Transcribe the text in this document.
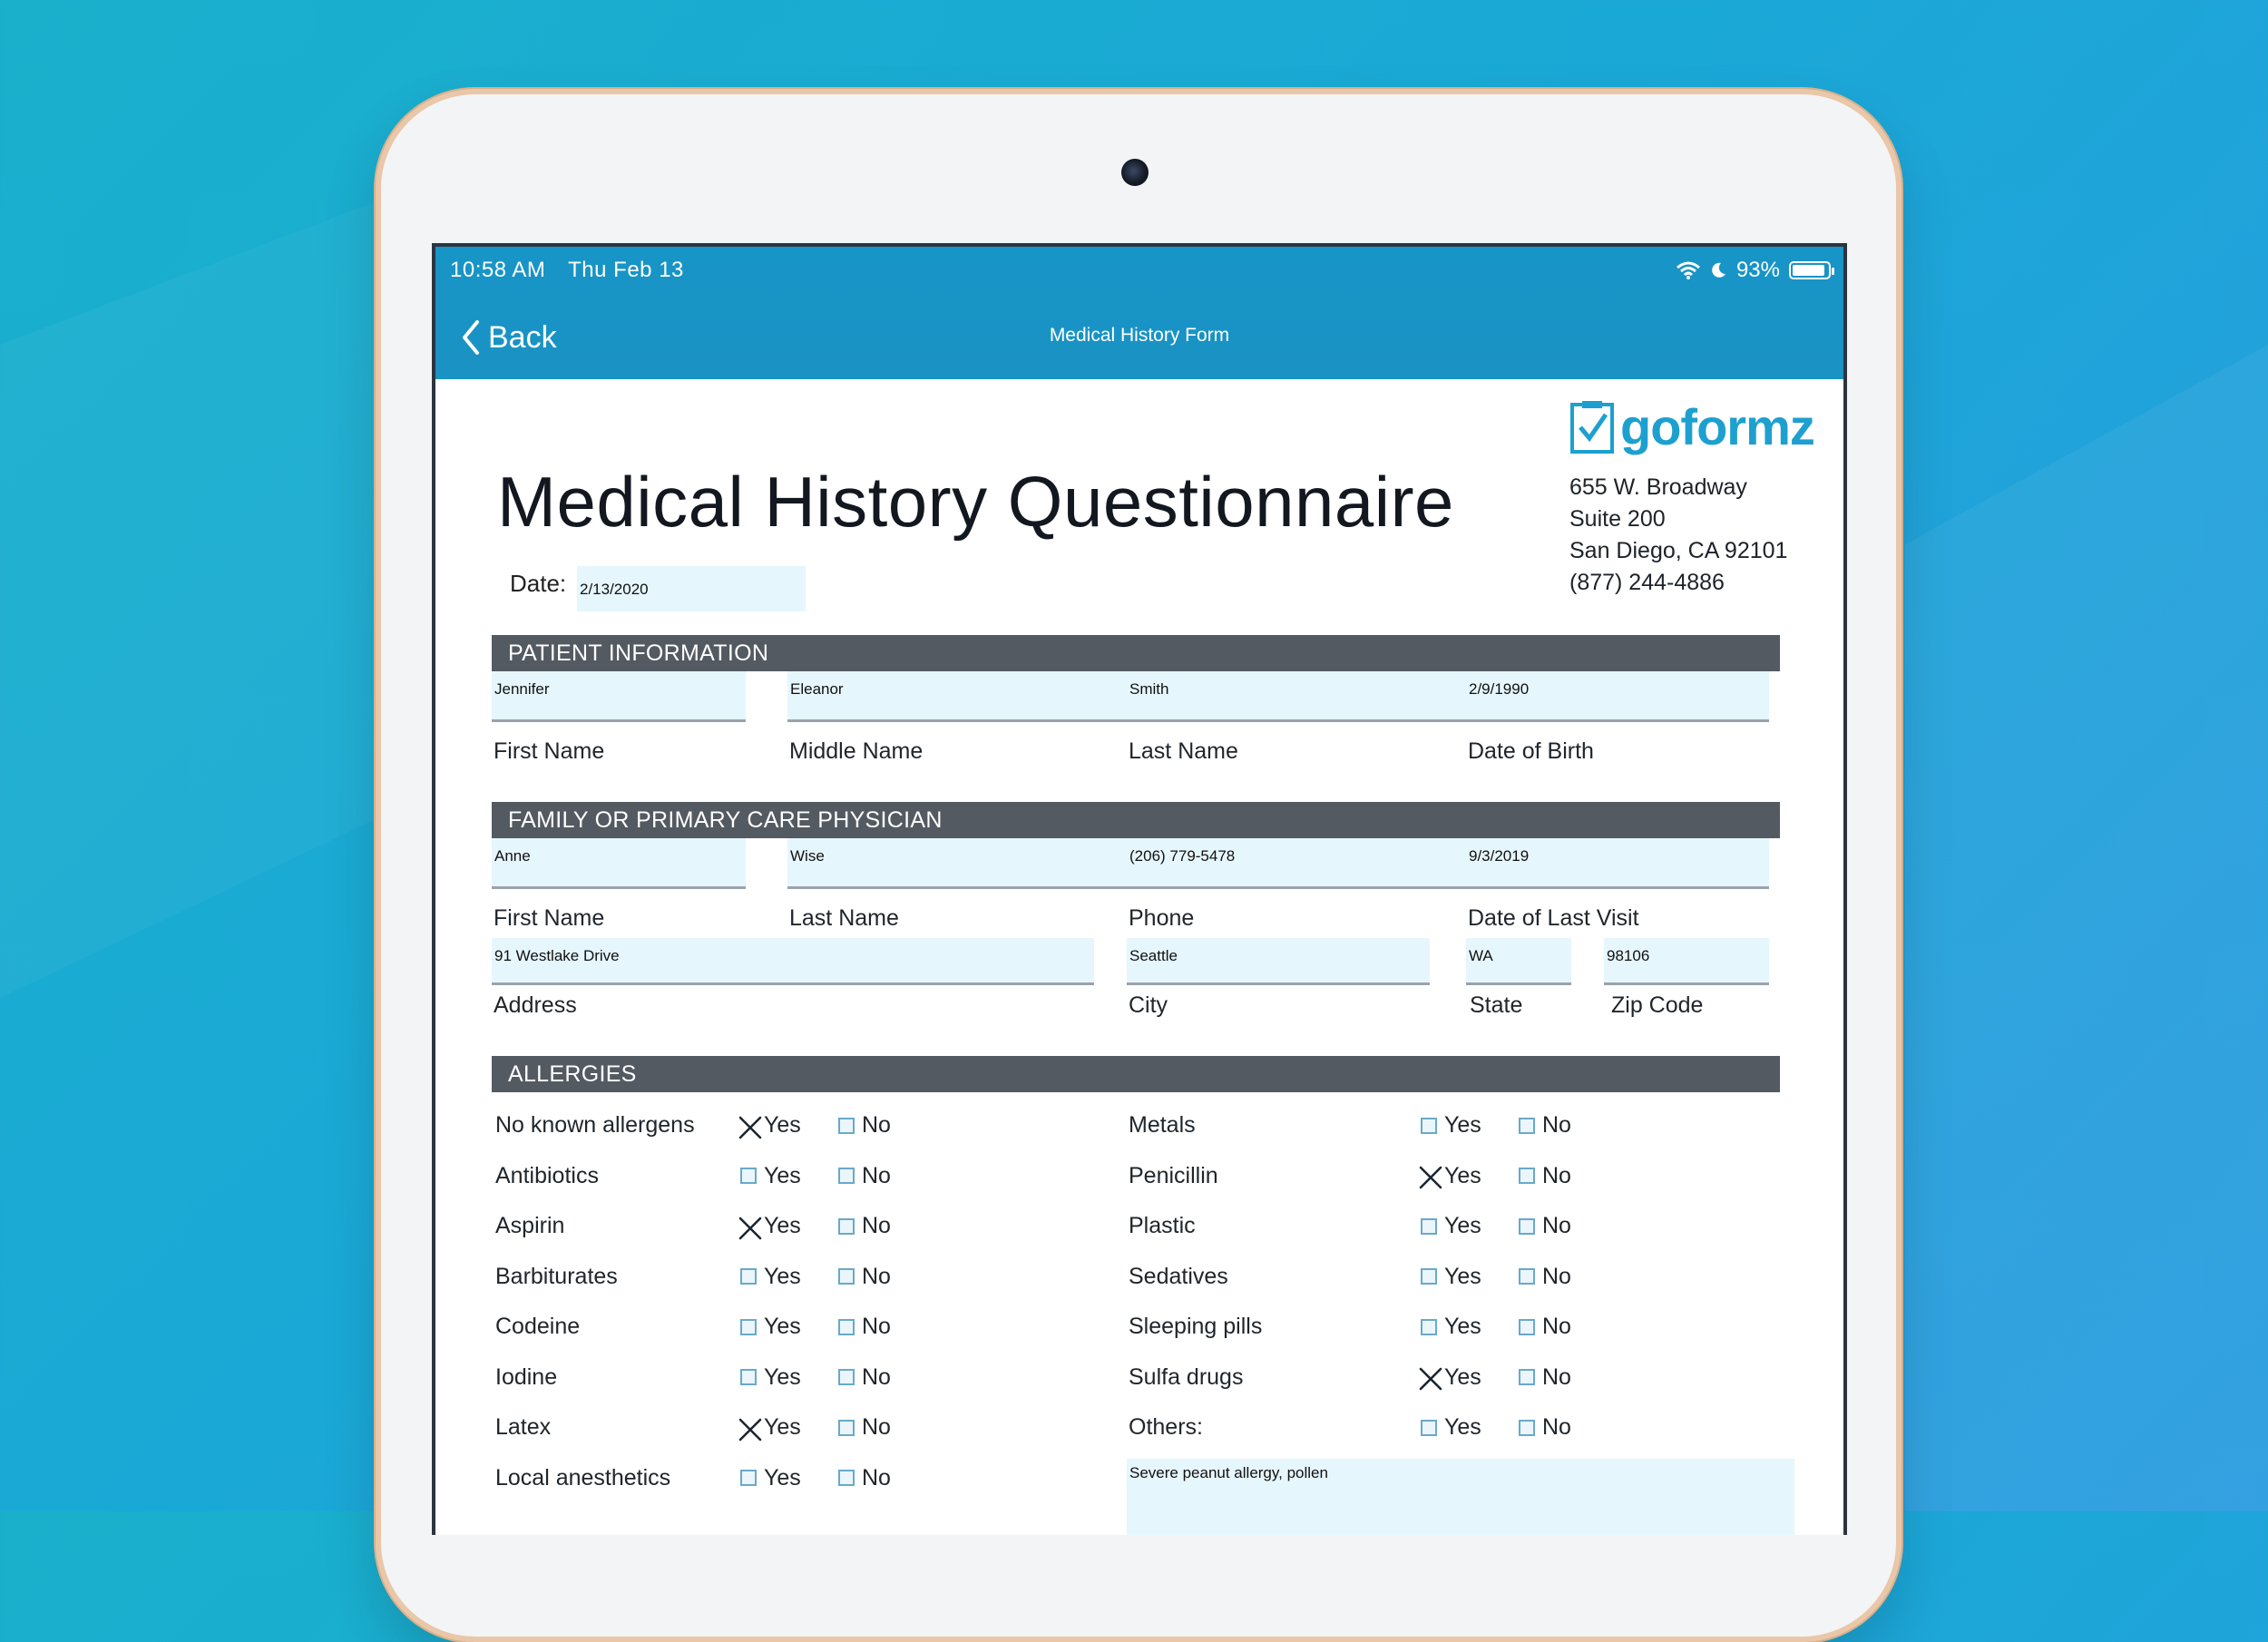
10:58 AM Thu Feb 13	93%
Back	Medical History Form
goformz
655 W. Broadway
Suite 200
San Diego, CA 92101
(877) 244-4886
Medical History Questionnaire
Date: 2/13/2020
PATIENT INFORMATION
Jennifer	Eleanor	Smith	2/9/1990
First Name	Middle Name	Last Name	Date of Birth
FAMILY OR PRIMARY CARE PHYSICIAN
Anne	Wise	(206) 779-5478	9/3/2019
First Name	Last Name	Phone	Date of Last Visit
91 Westlake Drive	Seattle	WA	98106
Address	City	State	Zip Code
ALLERGIES
No known allergens	Yes	No
Antibiotics	Yes	No
Aspirin	Yes	No
Barbiturates	Yes	No
Codeine	Yes	No
Iodine	Yes	No
Latex	Yes	No
Local anesthetics	Yes	No
Metals	Yes	No
Penicillin	Yes	No
Plastic	Yes	No
Sedatives	Yes	No
Sleeping pills	Yes	No
Sulfa drugs	Yes	No
Others:	Yes	No
Severe peanut allergy, pollen
